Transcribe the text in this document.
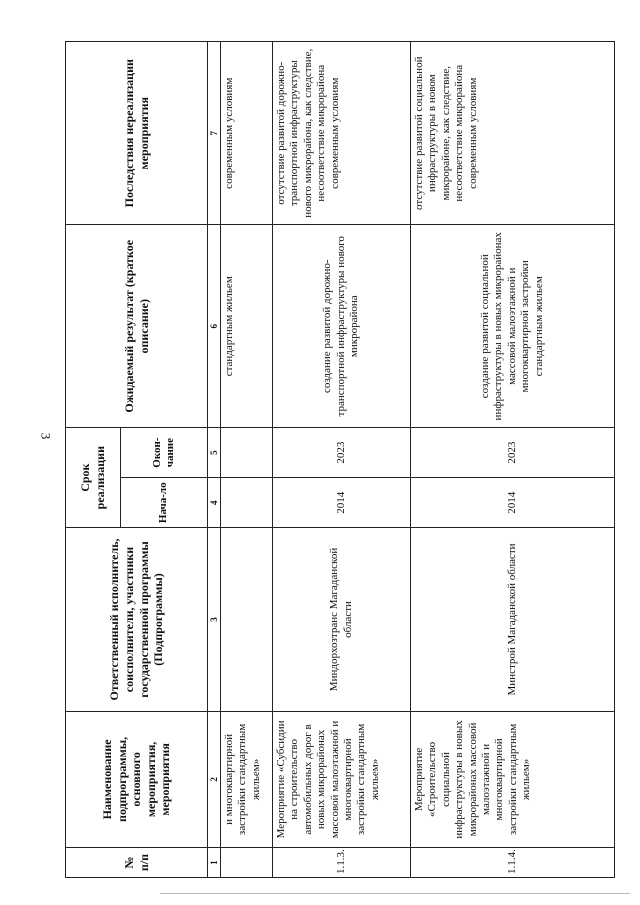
3
№ п/п	Наименование подпрограммы, основного мероприятия, мероприятия	Ответственный исполнитель, соисполнители, участники государственной программы (Подпрограммы)	Срок реализации		Ожидаемый результат (краткое описание)	Последствия нереализации мероприятия
			Нача-ло	Окон-чание		
1	2	3	4	5	6	7
	и многоквартирной застройки стандартным жильем»				стандартным жильем	современным условиям
1.1.3.	Мероприятие «Субсидии на строительство автомобильных дорог в новых микрорайонах массовой малоэтажной и многоквартирной застройки стандартным жильем»	Миндорхозтранс Магаданской области	2014	2023	создание развитой дорожно-транспортной инфраструктуры нового микрорайона	отсутствие развитой дорожно-транспортной инфраструктуры нового микрорайона, как следствие, несоответствие микрорайона современным условиям
1.1.4.	Мероприятие «Строительство социальной инфраструктуры в новых микрорайонах массовой малоэтажной и многоквартирной застройки стандартным жильем»	Минстрой Магаданской области	2014	2023	создание развитой социальной инфраструктуры в новых микрорайонах массовой малоэтажной и многоквартирной застройки стандартным жильем	отсутствие развитой социальной инфраструктуры в новом микрорайоне, как следствие, несоответствие микрорайона современным условиям
